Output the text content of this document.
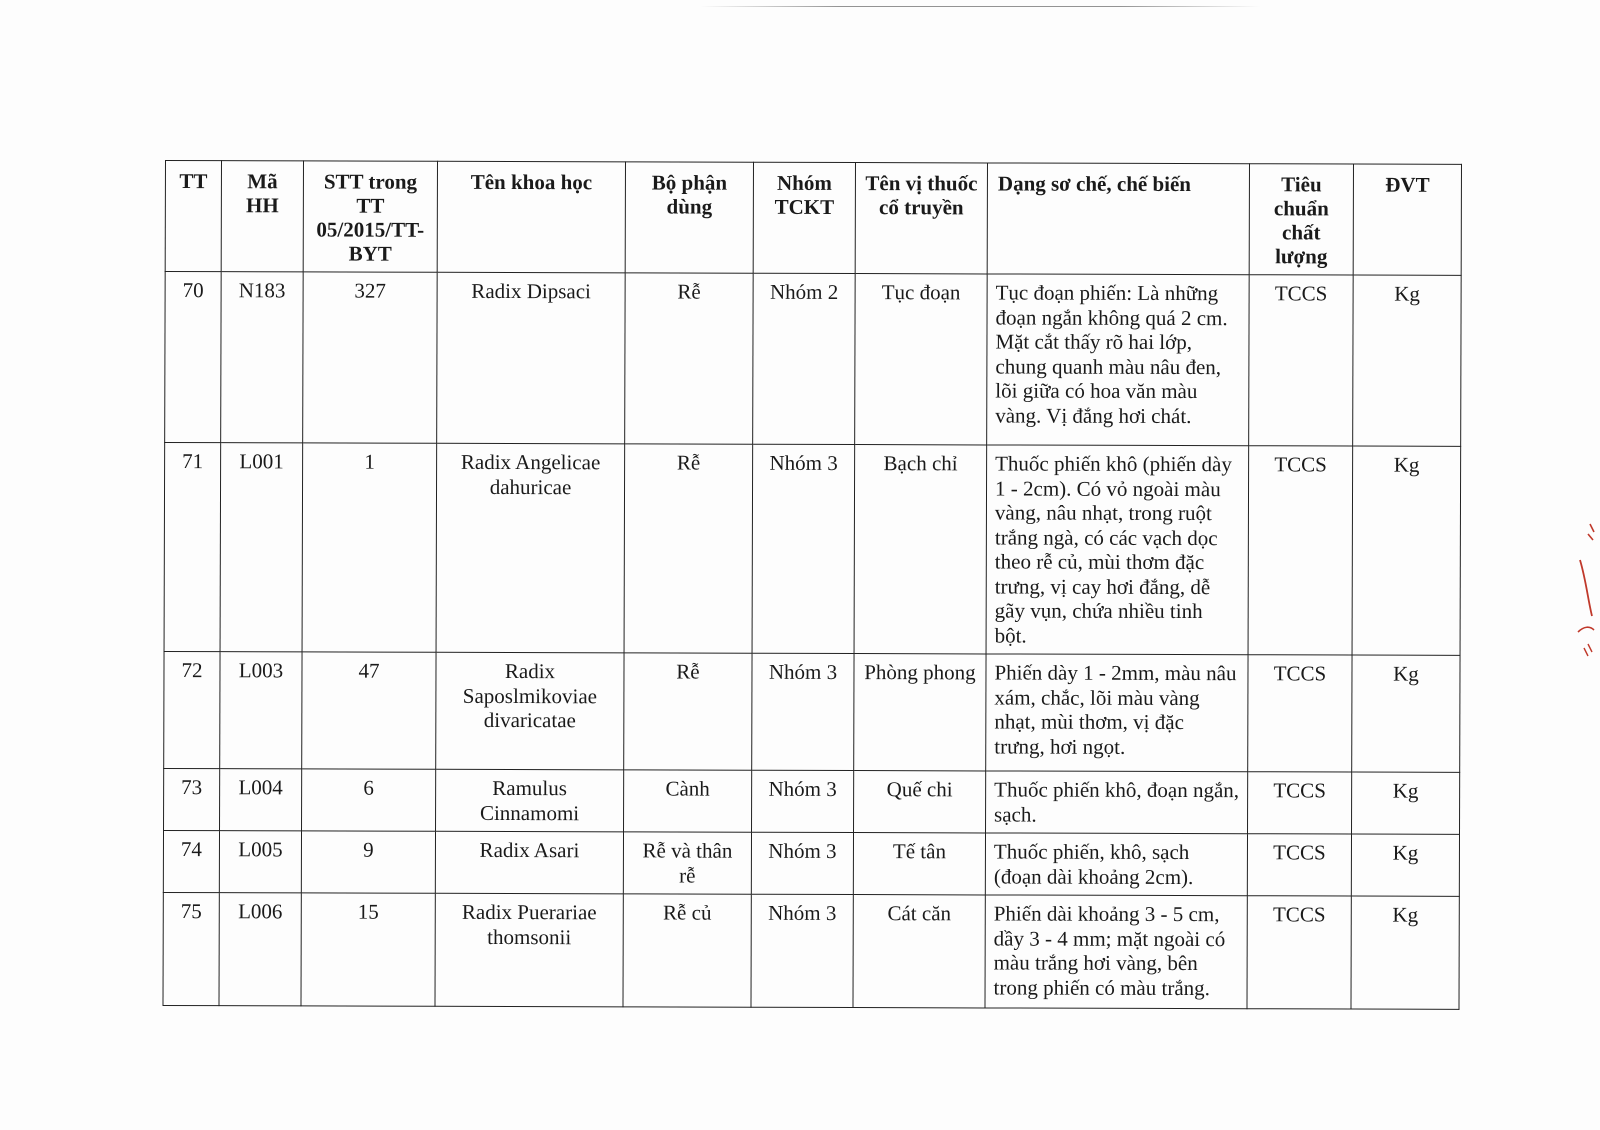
TT	Mã HH	STT trong TT 05/2015/TT-BYT	Tên khoa học	Bộ phận dùng	Nhóm TCKT	Tên vị thuốc cổ truyền	Dạng sơ chế, chế biến	Tiêu chuẩn chất lượng	ĐVT
70	N183	327	Radix Dipsaci	Rễ	Nhóm 2	Tục đoạn	Tục đoạn phiến: Là những đoạn ngắn không quá 2 cm. Mặt cắt thấy rõ hai lớp, chung quanh màu nâu đen, lõi giữa có hoa văn màu vàng. Vị đắng hơi chát.	TCCS	Kg
71	L001	1	Radix Angelicae dahuricae	Rễ	Nhóm 3	Bạch chỉ	Thuốc phiến khô (phiến dày 1 - 2cm). Có vỏ ngoài màu vàng, nâu nhạt, trong ruột trắng ngà, có các vạch dọc theo rễ củ, mùi thơm đặc trưng, vị cay hơi đắng, dễ gãy vụn, chứa nhiều tinh bột.	TCCS	Kg
72	L003	47	Radix Saposlmikoviae divaricatae	Rễ	Nhóm 3	Phòng phong	Phiến dày 1 - 2mm, màu nâu xám, chắc, lõi màu vàng nhạt, mùi thơm, vị đặc trưng, hơi ngọt.	TCCS	Kg
73	L004	6	Ramulus Cinnamomi	Cành	Nhóm 3	Quế chi	Thuốc phiến khô, đoạn ngắn, sạch.	TCCS	Kg
74	L005	9	Radix Asari	Rễ và thân rễ	Nhóm 3	Tế tân	Thuốc phiến, khô, sạch (đoạn dài khoảng 2cm).	TCCS	Kg
75	L006	15	Radix Puerariae thomsonii	Rễ củ	Nhóm 3	Cát căn	Phiến dài khoảng 3 - 5 cm, dầy 3 - 4 mm; mặt ngoài có màu trắng hơi vàng, bên trong phiến có màu trắng.	TCCS	Kg
